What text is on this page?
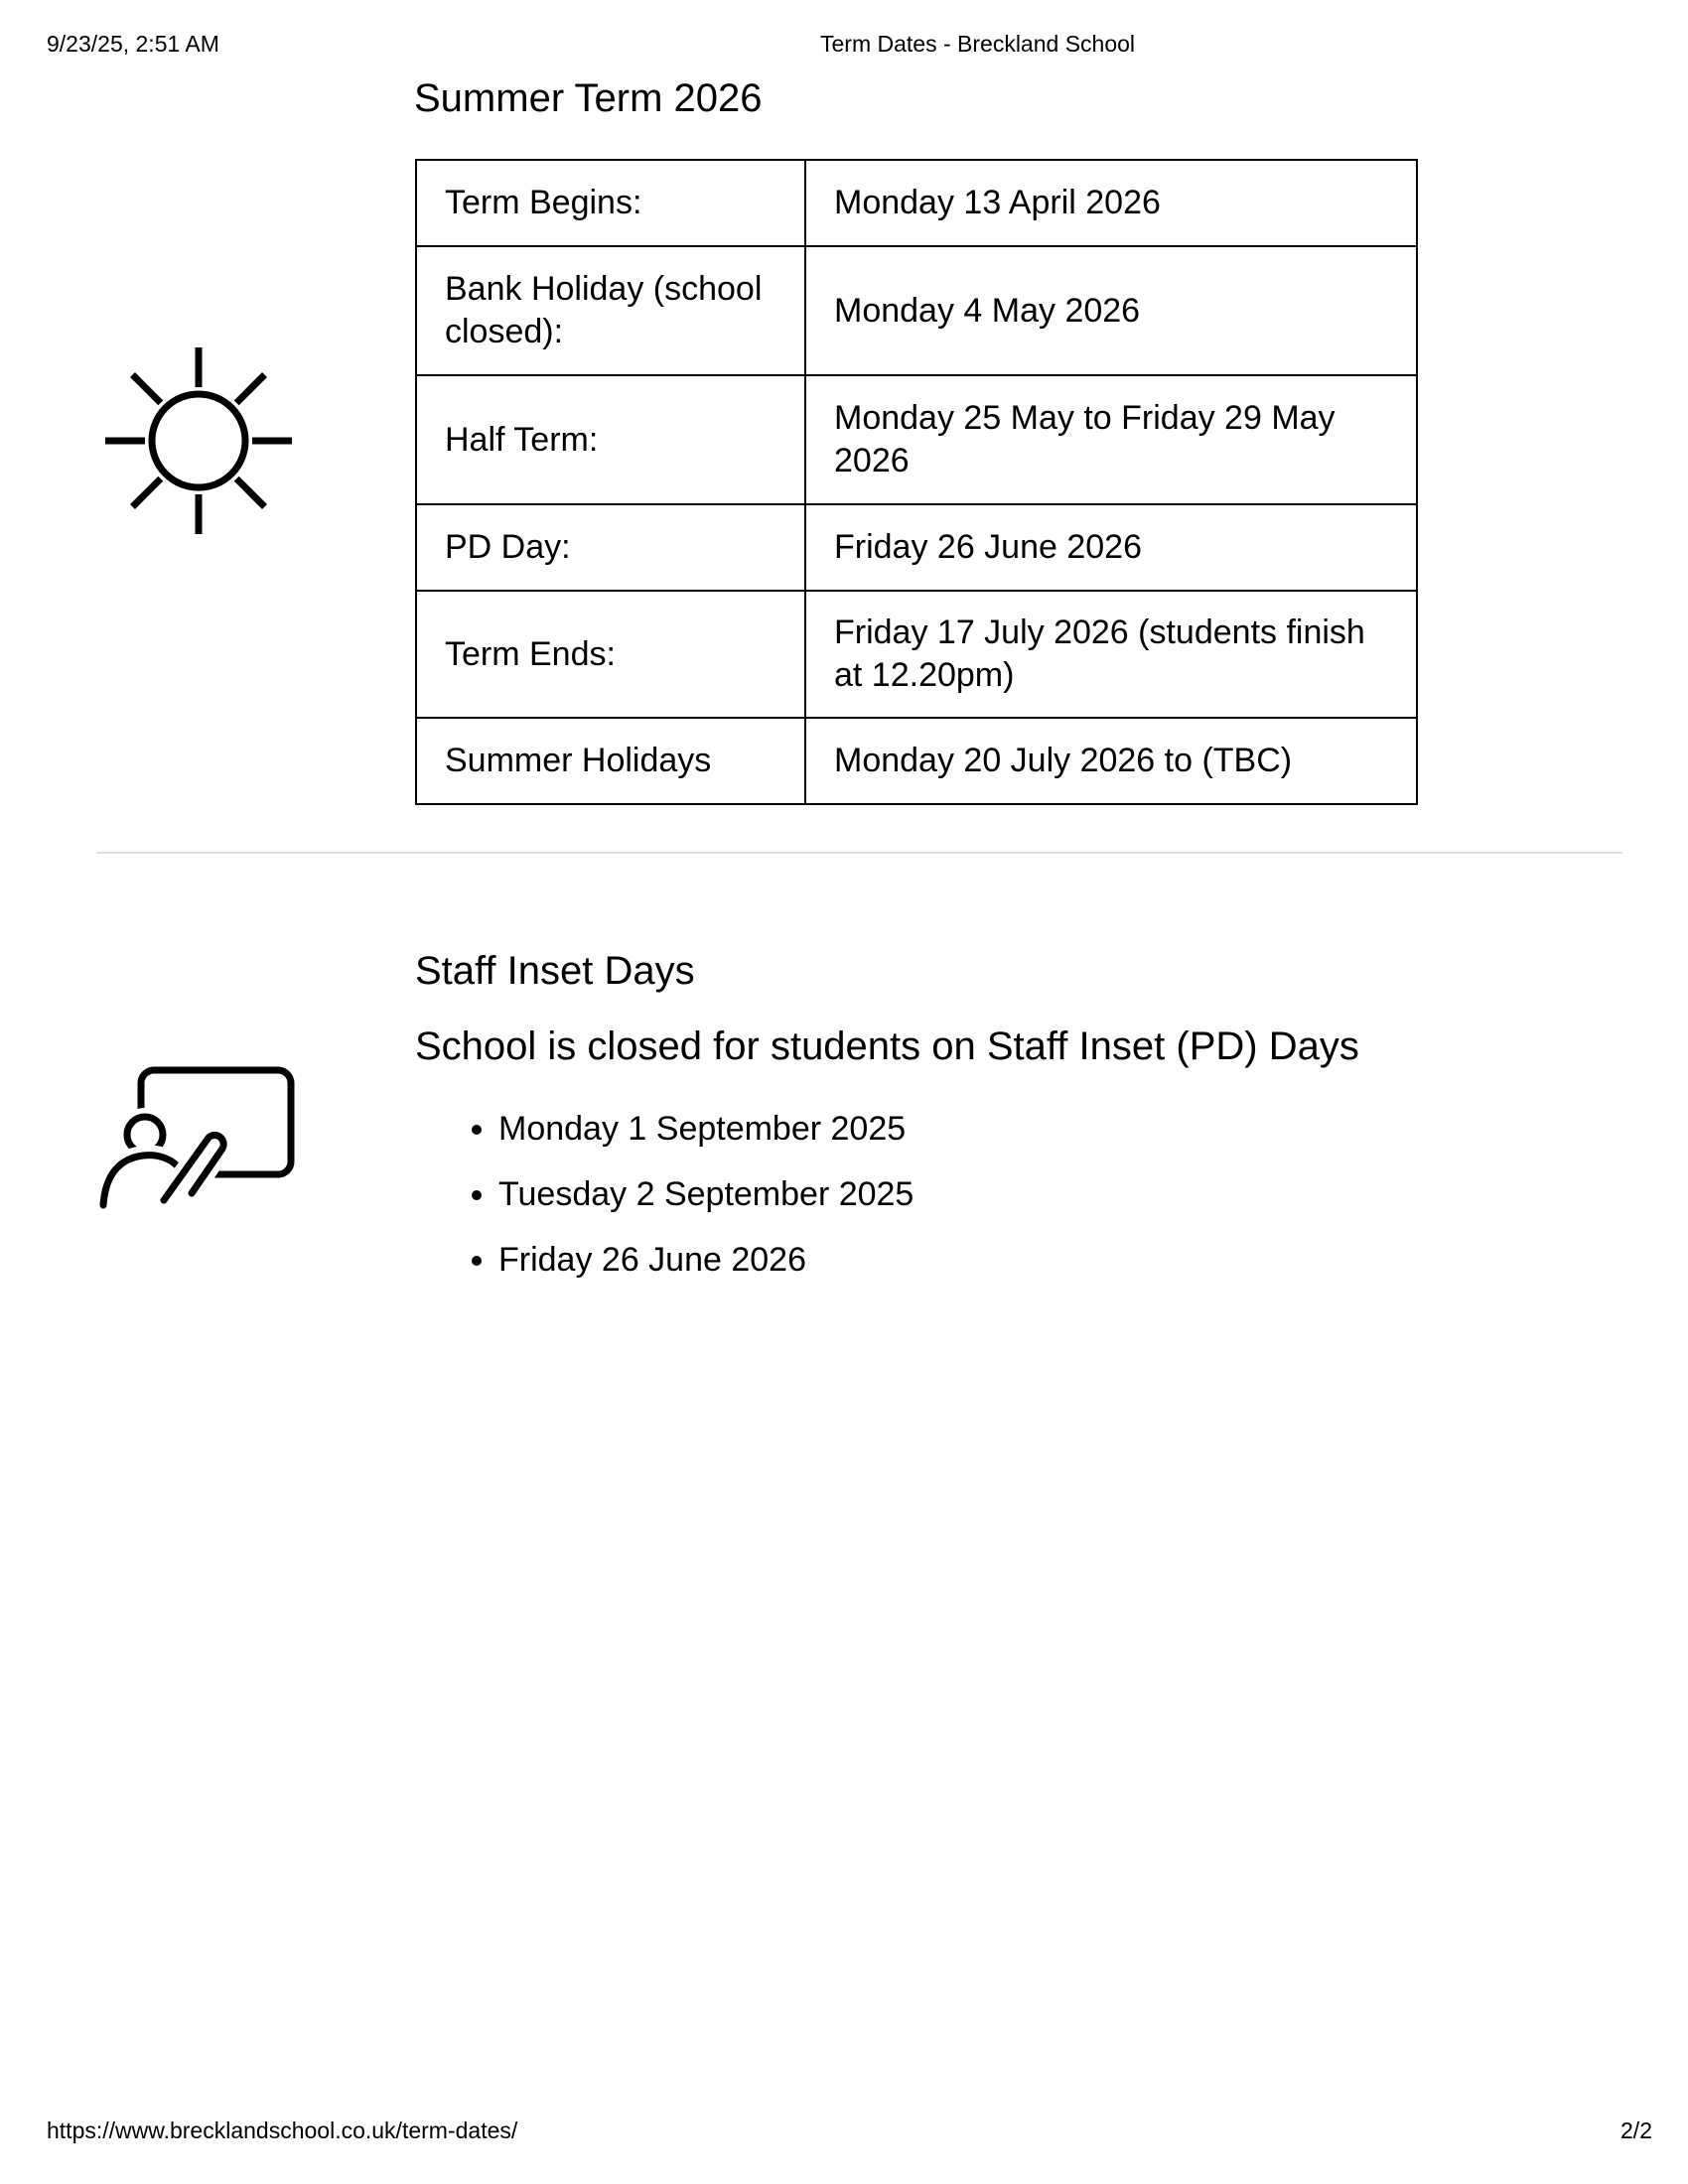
9/23/25, 2:51 AM	Term Dates - Breckland School
Summer Term 2026
Term Begins:	Monday 13 April 2026
Bank Holiday (school closed):	Monday 4 May 2026
Half Term:	Monday 25 May to Friday 29 May 2026
PD Day:	Friday 26 June 2026
Term Ends:	Friday 17 July 2026 (students finish at 12.20pm)
Summer Holidays	Monday 20 July 2026 to (TBC)
Staff Inset Days
School is closed for students on Staff Inset (PD) Days
• Monday 1 September 2025
• Tuesday 2 September 2025
• Friday 26 June 2026
https://www.brecklandschool.co.uk/term-dates/	2/2
